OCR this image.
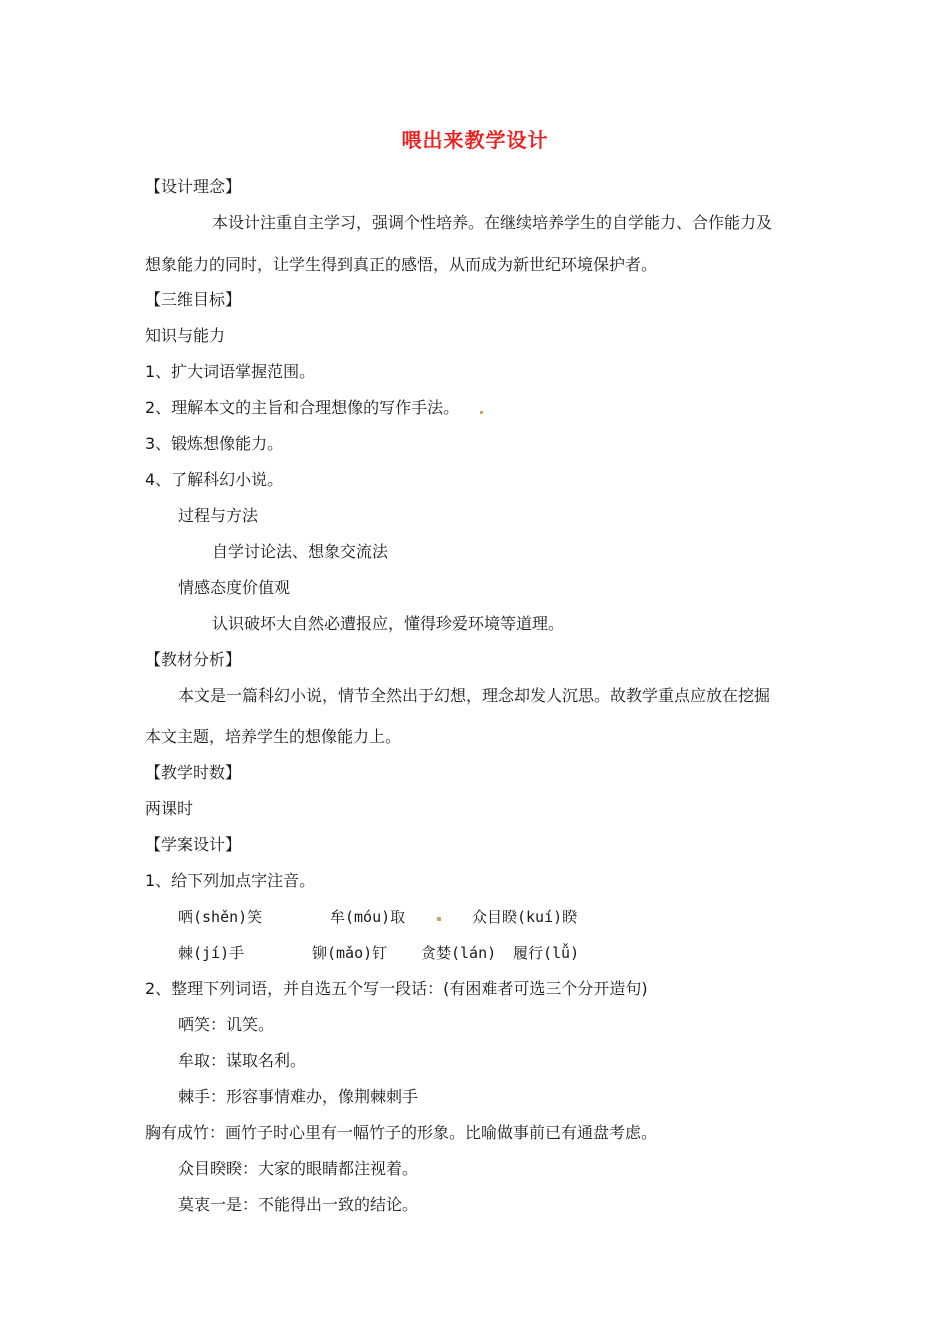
喂出来教学设计
【设计理念】
本设计注重自主学习，强调个性培养。在继续培养学生的自学能力、合作能力及
想象能力的同时，让学生得到真正的感悟，从而成为新世纪环境保护者。
【三维目标】
知识与能力
1、扩大词语掌握范围。
2、理解本文的主旨和合理想像的写作手法。
3、锻炼想像能力。
4、了解科幻小说。
过程与方法
自学讨论法、想象交流法
情感态度价值观
认识破坏大自然必遭报应，懂得珍爱环境等道理。
【教材分析】
本文是一篇科幻小说，情节全然出于幻想，理念却发人沉思。故教学重点应放在挖掘
本文主题，培养学生的想像能力上。
【教学时数】
两课时
【学案设计】
1、给下列加点字注音。
哂(shěn)笑	牟(móu)取	众目睽(kuí)睽
棘(jí)手	铆(mǎo)钉 贪婪(lán) 履行(lǚ)
2、整理下列词语，并自选五个写一段话：(有困难者可选三个分开造句)
哂笑：讥笑。
牟取：谋取名利。
棘手：形容事情难办，像荆棘刺手
胸有成竹：画竹子时心里有一幅竹子的形象。比喻做事前已有通盘考虑。
众目睽睽：大家的眼睛都注视着。
莫衷一是：不能得出一致的结论。
